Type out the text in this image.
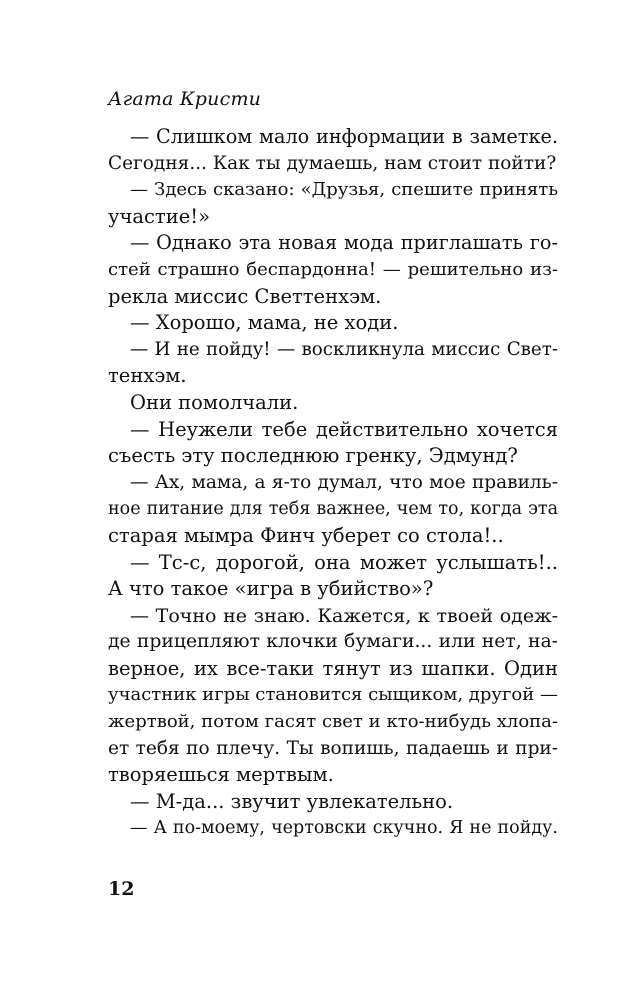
Агата Кристи
— Слишком мало информации в заметке.
Сегодня... Как ты думаешь, нам стоит пойти?
— Здесь сказано: «Друзья, спешите принять
участие!»
— Однако эта новая мода приглашать го-
стей страшно беспардонна! — решительно из-
рекла миссис Светтенхэм.
— Хорошо, мама, не ходи.
— И не пойду! — воскликнула миссис Свет-
тенхэм.
Они помолчали.
— Неужели тебе действительно хочется
съесть эту последнюю гренку, Эдмунд?
— Ах, мама, а я-то думал, что мое правиль-
ное питание для тебя важнее, чем то, когда эта
старая мымра Финч уберет со стола!..
— Тс-с, дорогой, она может услышать!..
А что такое «игра в убийство»?
— Точно не знаю. Кажется, к твоей одеж-
де прицепляют клочки бумаги... или нет, на-
верное, их все-таки тянут из шапки. Один
участник игры становится сыщиком, другой —
жертвой, потом гасят свет и кто-нибудь хлопа-
ет тебя по плечу. Ты вопишь, падаешь и при-
творяешься мертвым.
— М-да... звучит увлекательно.
— А по-моему, чертовски скучно. Я не пойду.
12
